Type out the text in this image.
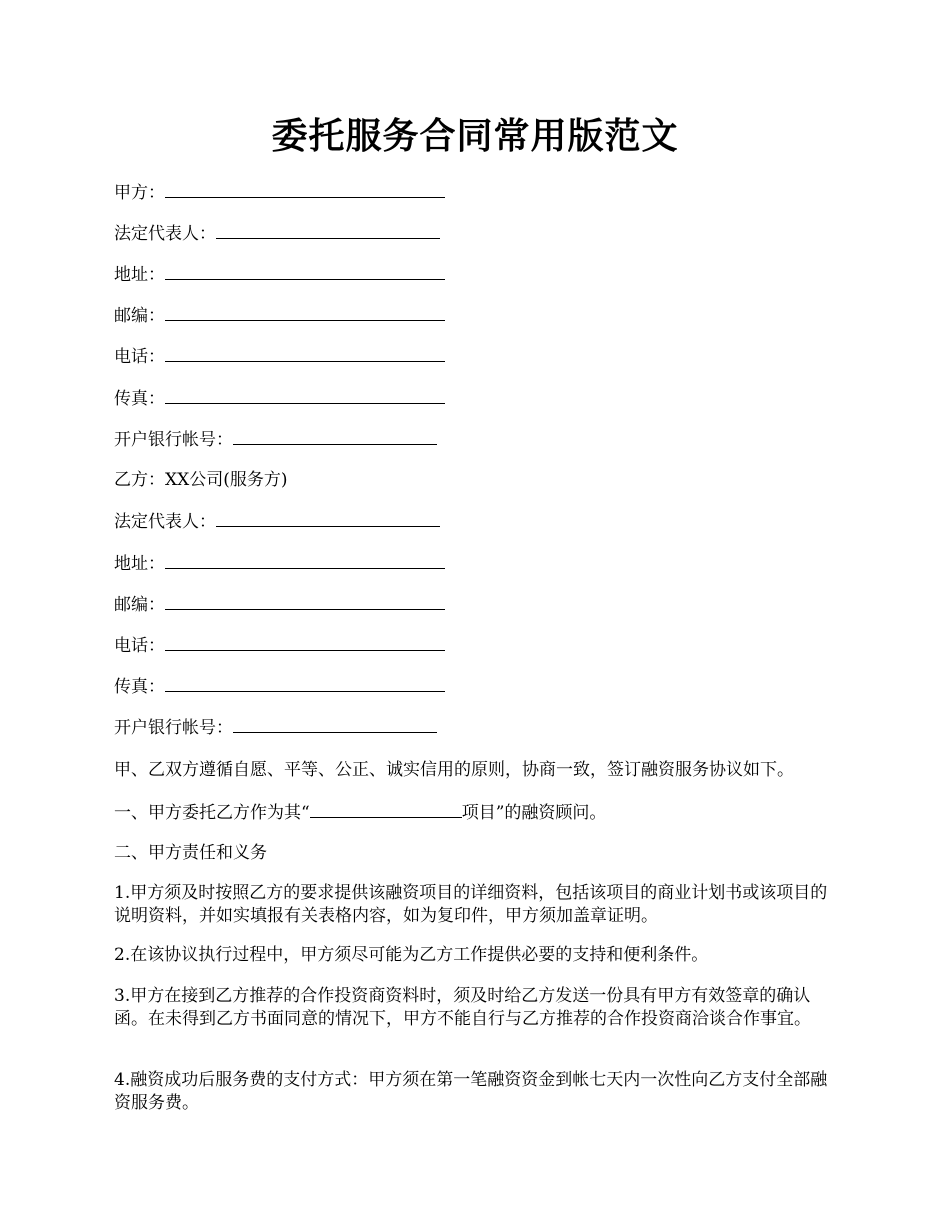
委托服务合同常用版范文
甲方：
法定代表人：
地址：
邮编：
电话：
传真：
开户银行帐号：
乙方：XX公司(服务方)
法定代表人：
地址：
邮编：
电话：
传真：
开户银行帐号：
甲、乙双方遵循自愿、平等、公正、诚实信用的原则，协商一致，签订融资服务协议如下。
一、甲方委托乙方作为其“	项目”的融资顾问。
二、甲方责任和义务
1.甲方须及时按照乙方的要求提供该融资项目的详细资料，包括该项目的商业计划书或该项目的说明资料，并如实填报有关表格内容，如为复印件，甲方须加盖章证明。
2.在该协议执行过程中，甲方须尽可能为乙方工作提供必要的支持和便利条件。
3.甲方在接到乙方推荐的合作投资商资料时，须及时给乙方发送一份具有甲方有效签章的确认函。在未得到乙方书面同意的情况下，甲方不能自行与乙方推荐的合作投资商洽谈合作事宜。
4.融资成功后服务费的支付方式：甲方须在第一笔融资资金到帐七天内一次性向乙方支付全部融资服务费。
